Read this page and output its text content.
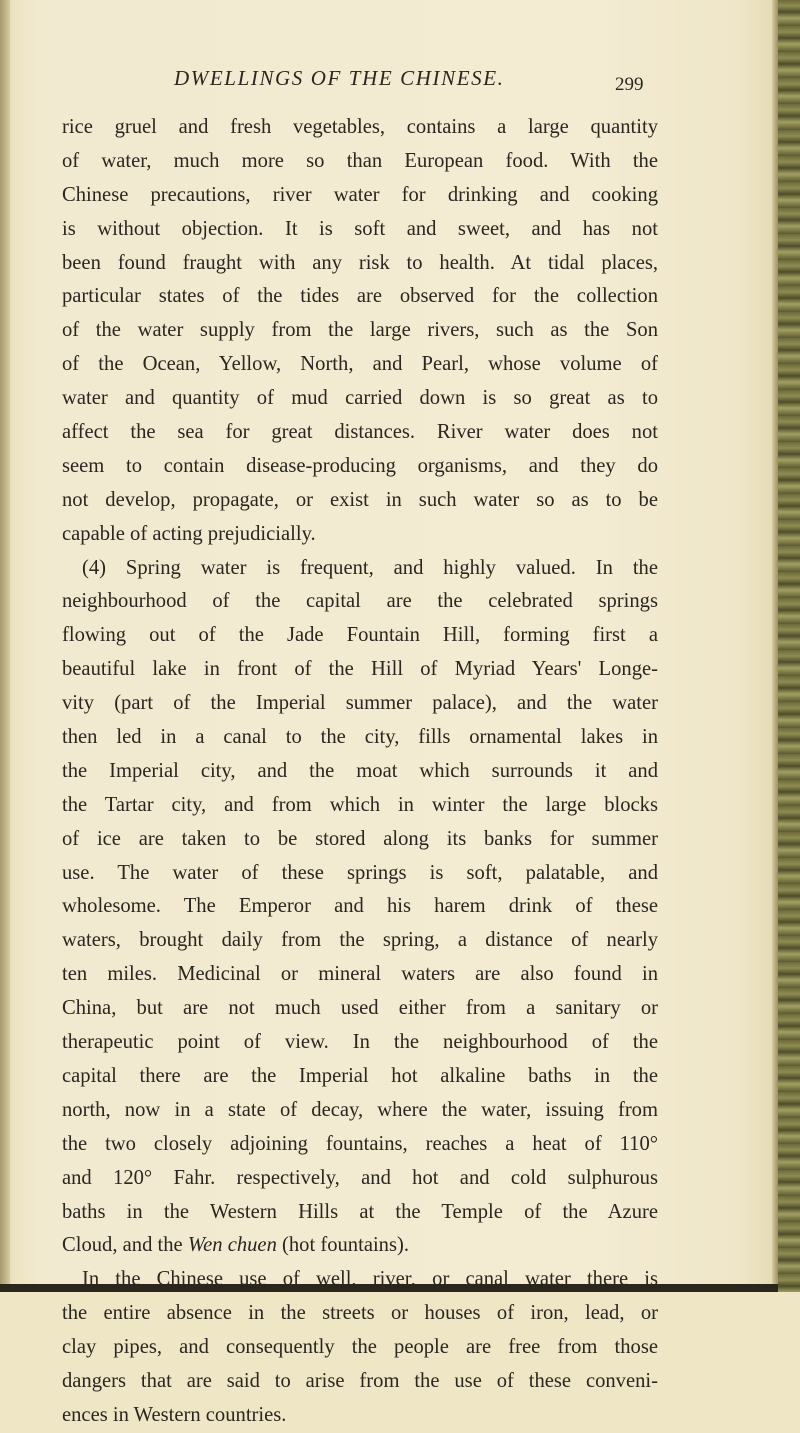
DWELLINGS OF THE CHINESE.	299
rice gruel and fresh vegetables, contains a large quantity
of water, much more so than European food. With the
Chinese precautions, river water for drinking and cooking
is without objection. It is soft and sweet, and has not
been found fraught with any risk to health. At tidal places,
particular states of the tides are observed for the collection
of the water supply from the large rivers, such as the Son
of the Ocean, Yellow, North, and Pearl, whose volume of
water and quantity of mud carried down is so great as to
affect the sea for great distances. River water does not
seem to contain disease-producing organisms, and they do
not develop, propagate, or exist in such water so as to be
capable of acting prejudicially.
(4) Spring water is frequent, and highly valued. In the
neighbourhood of the capital are the celebrated springs
flowing out of the Jade Fountain Hill, forming first a
beautiful lake in front of the Hill of Myriad Years' Longe-
vity (part of the Imperial summer palace), and the water
then led in a canal to the city, fills ornamental lakes in
the Imperial city, and the moat which surrounds it and
the Tartar city, and from which in winter the large blocks
of ice are taken to be stored along its banks for summer
use. The water of these springs is soft, palatable, and
wholesome. The Emperor and his harem drink of these
waters, brought daily from the spring, a distance of nearly
ten miles. Medicinal or mineral waters are also found in
China, but are not much used either from a sanitary or
therapeutic point of view. In the neighbourhood of the
capital there are the Imperial hot alkaline baths in the
north, now in a state of decay, where the water, issuing from
the two closely adjoining fountains, reaches a heat of 110°
and 120° Fahr. respectively, and hot and cold sulphurous
baths in the Western Hills at the Temple of the Azure
Cloud, and the Wen chuen (hot fountains).
In the Chinese use of well, river, or canal water there is
the entire absence in the streets or houses of iron, lead, or
clay pipes, and consequently the people are free from those
dangers that are said to arise from the use of these conveni-
ences in Western countries.
